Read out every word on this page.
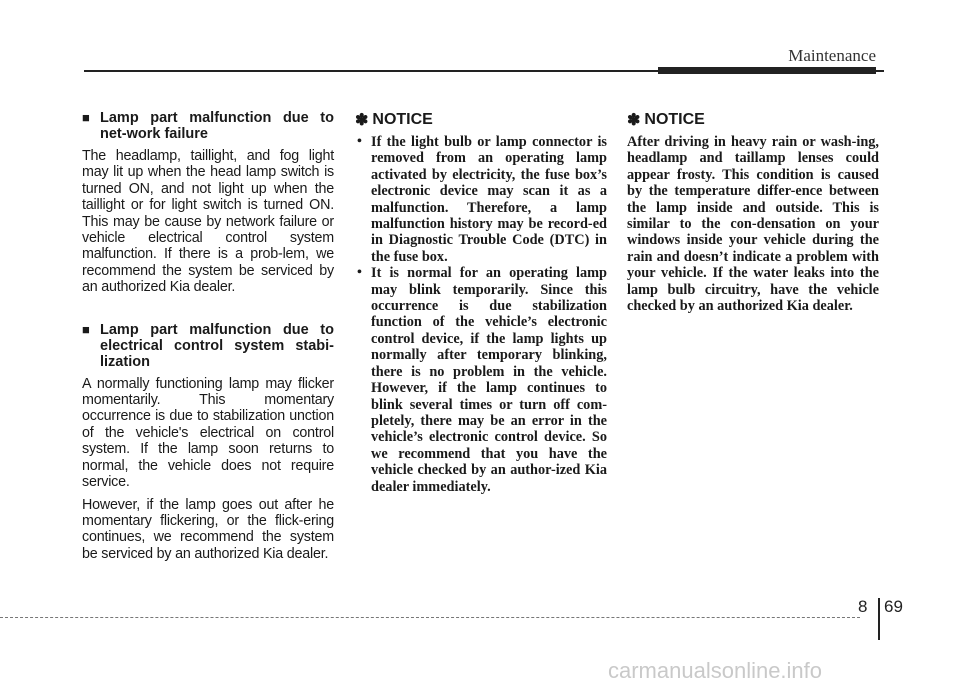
Maintenance
■ Lamp part malfunction due to net-work failure

The headlamp, taillight, and fog light may lit up when the head lamp switch is turned ON, and not light up when the taillight or for light switch is turned ON. This may be cause by network failure or vehicle electrical control system malfunction. If there is a prob-lem, we recommend the system be serviced by an authorized Kia dealer.

■ Lamp part malfunction due to electrical control system stabi-lization

A normally functioning lamp may flicker momentarily. This momentary occurrence is due to stabilization unction of the vehicle's electrical on control system. If the lamp soon returns to normal, the vehicle does not require service.

However, if the lamp goes out after he momentary flickering, or the flick-ering continues, we recommend the system be serviced by an authorized Kia dealer.

✽ NOTICE
• If the light bulb or lamp connector is removed from an operating lamp activated by electricity, the fuse box’s electronic device may scan it as a malfunction. Therefore, a lamp malfunction history may be record-ed in Diagnostic Trouble Code (DTC) in the fuse box.

• It is normal for an operating lamp may blink temporarily. Since this occurrence is due stabilization function of the vehicle’s electronic control device, if the lamp lights up normally after temporary blinking, there is no problem in the vehicle. However, if the lamp continues to blink several times or turn off com-pletely, there may be an error in the vehicle’s electronic control device. So we recommend that you have the vehicle checked by an author-ized Kia dealer immediately.

✽ NOTICE

After driving in heavy rain or wash-ing, headlamp and taillamp lenses could appear frosty. This condition is caused by the temperature differ-ence between the lamp inside and outside. This is similar to the con-densation on your windows inside your vehicle during the rain and doesn’t indicate a problem with your vehicle. If the water leaks into the lamp bulb circuitry, have the vehicle checked by an authorized Kia dealer.

8 69
carmanualsonline.info
